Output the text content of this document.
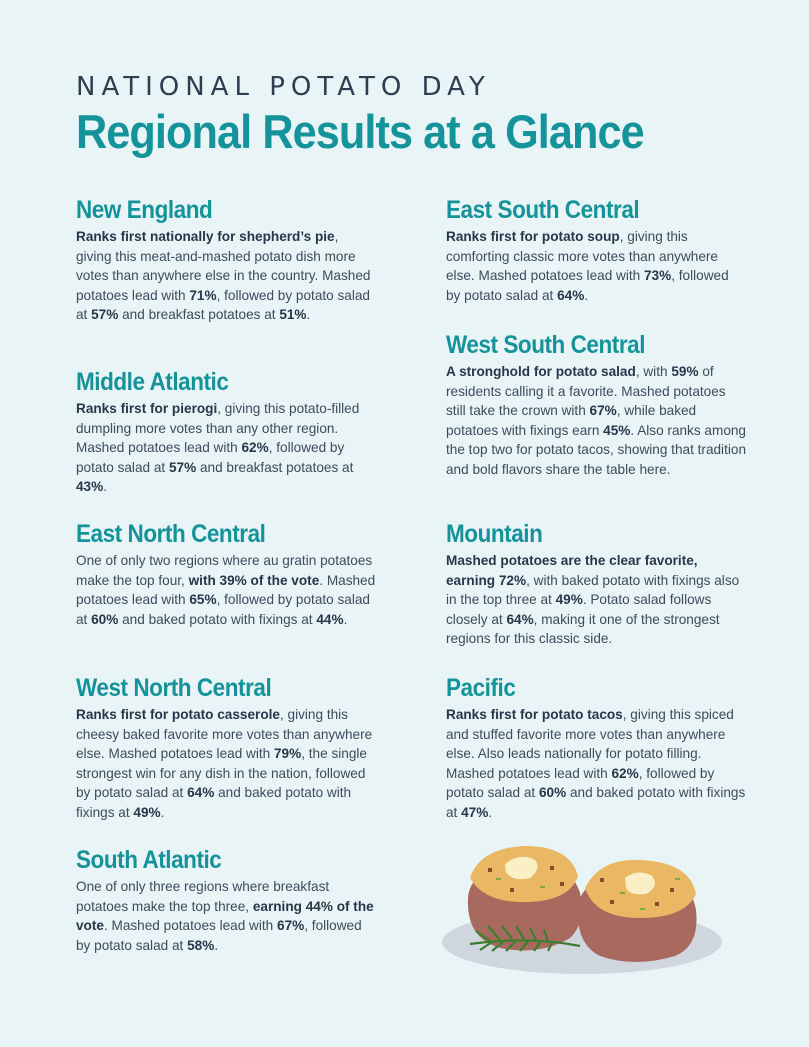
NATIONAL POTATO DAY
Regional Results at a Glance
New England

Ranks first nationally for shepherd’s pie, giving this meat-and-mashed potato dish more votes than anywhere else in the country. Mashed potatoes lead with 71%, followed by potato salad at 57% and breakfast potatoes at 51%.

Middle Atlantic

Ranks first for pierogi, giving this potato-filled dumpling more votes than any other region. Mashed potatoes lead with 62%, followed by potato salad at 57% and breakfast potatoes at 43%.

East North Central

One of only two regions where au gratin potatoes make the top four, with 39% of the vote. Mashed potatoes lead with 65%, followed by potato salad at 60% and baked potato with fixings at 44%.

West North Central

Ranks first for potato casserole, giving this cheesy baked favorite more votes than anywhere else. Mashed potatoes lead with 79%, the single strongest win for any dish in the nation, followed by potato salad at 64% and baked potato with fixings at 49%.

South Atlantic

One of only three regions where breakfast potatoes make the top three, earning 44% of the vote. Mashed potatoes lead with 67%, followed by potato salad at 58%.

East South Central

Ranks first for potato soup, giving this comforting classic more votes than anywhere else. Mashed potatoes lead with 73%, followed by potato salad at 64%.

West South Central

A stronghold for potato salad, with 59% of residents calling it a favorite. Mashed potatoes still take the crown with 67%, while baked potatoes with fixings earn 45%. Also ranks among the top two for potato tacos, showing that tradition and bold flavors share the table here.

Mountain

Mashed potatoes are the clear favorite, earning 72%, with baked potato with fixings also in the top three at 49%. Potato salad follows closely at 64%, making it one of the strongest regions for this classic side.

Pacific

Ranks first for potato tacos, giving this spiced and stuffed favorite more votes than anywhere else. Also leads nationally for potato filling. Mashed potatoes lead with 62%, followed by potato salad at 60% and baked potato with fixings at 47%.
